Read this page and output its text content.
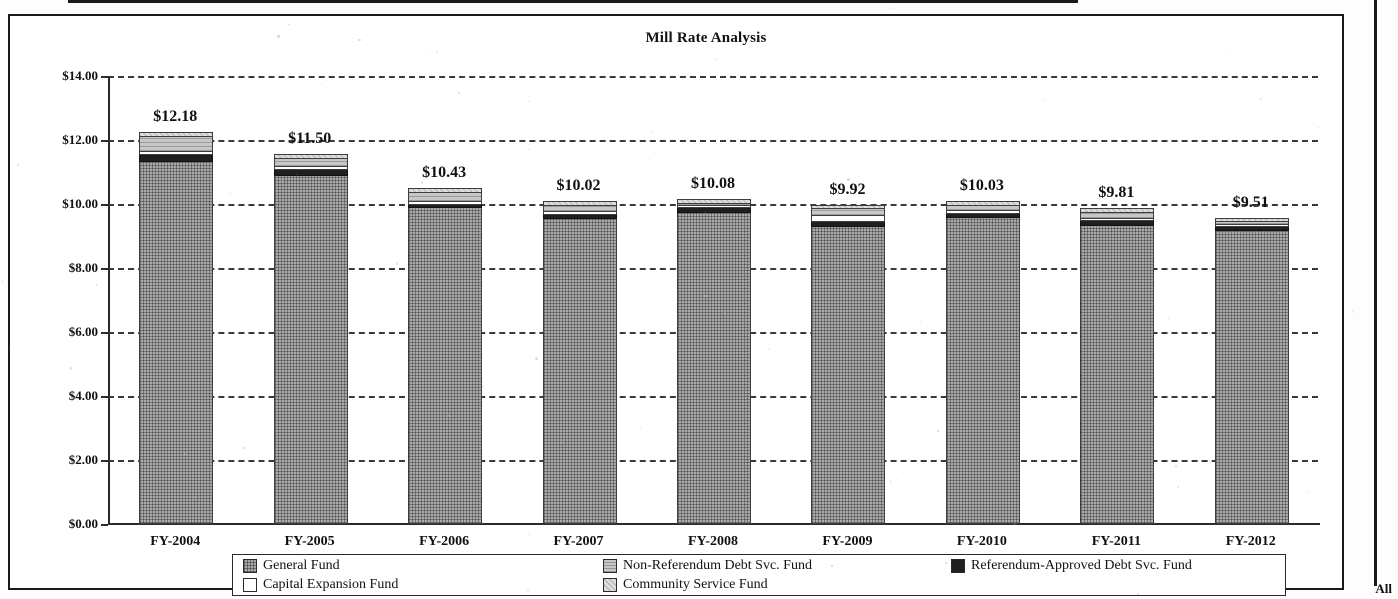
Mill Rate Analysis
$14.00
$12.00
$10.00
$8.00
$6.00
$4.00
$2.00
$0.00
$12.18
$11.50
$10.43
$10.02	$10.08	$9.92	$10.03	$9.81
$9.51
FY-2004	FY-2005	FY-2006	FY-2007	FY-2008	FY-2009	FY-2010	FY-2011	FY-2012
General Fund	Non-Referendum Debt Svc. Fund	Referendum-Approved Debt Svc. Fund
Capital Expansion Fund	Community Service Fund	All
